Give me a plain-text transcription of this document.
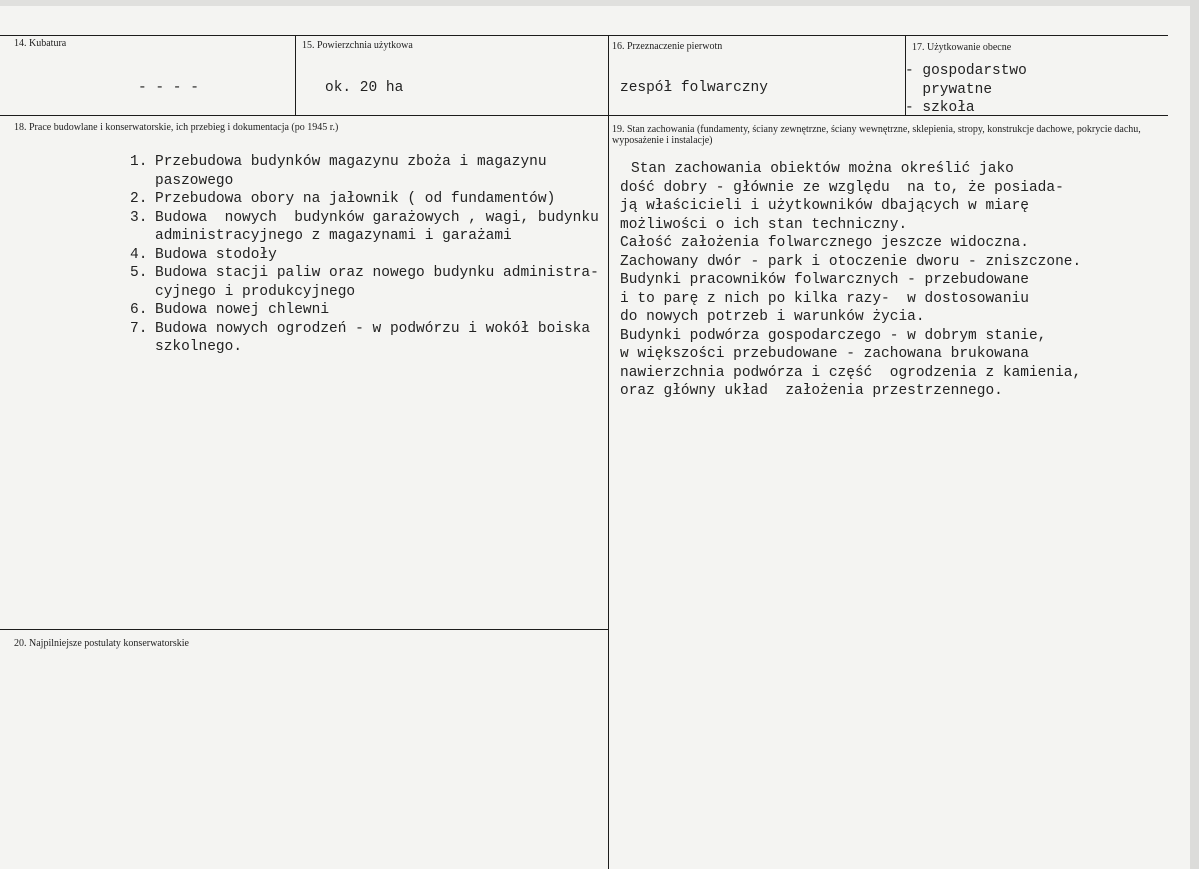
14. Kubatura
- - - -
15. Powierzchnia użytkowa
ok. 20 ha
16. Przeznaczenie pierwotn
zespół folwarczny
17. Użytkowanie obecne
- gospodarstwo
prywatne
- szkoła
18. Prace budowlane i konserwatorskie, ich przebieg i dokumentacja (po 1945 r.)
1. Przebudowa budynków magazynu zboża i magazynu
paszowego
2. Przebudowa obory na jałownik ( od fundamentów)
3. Budowa  nowych  budynków garażowych , wagi, budynku
administracyjnego z magazynami i garażami
4. Budowa stodoły
5. Budowa stacji paliw oraz nowego budynku administra-
cyjnego i produkcyjnego
6. Budowa nowej chlewni
7. Budowa nowych ogrodzeń - w podwórzu i wokół boiska
szkolnego.
19. Stan zachowania (fundamenty, ściany zewnętrzne, ściany wewnętrzne, sklepienia, stropy, konstrukcje dachowe, pokrycie dachu, wyposażenie i instalacje)
Stan zachowania obiektów można określić jako
dość dobry - głównie ze względu  na to, że posiada-
ją właścicieli i użytkowników dbających w miarę
możliwości o ich stan techniczny.
Całość założenia folwarcznego jeszcze widoczna.
Zachowany dwór - park i otoczenie dworu - zniszczone.
Budynki pracowników folwarcznych - przebudowane
i to parę z nich po kilka razy-  w dostosowaniu
do nowych potrzeb i warunków życia.
Budynki podwórza gospodarczego - w dobrym stanie,
w większości przebudowane - zachowana brukowana
nawierzchnia podwórza i część  ogrodzenia z kamienia,
oraz główny układ  założenia przestrzennego.
20. Najpilniejsze postulaty konserwatorskie
